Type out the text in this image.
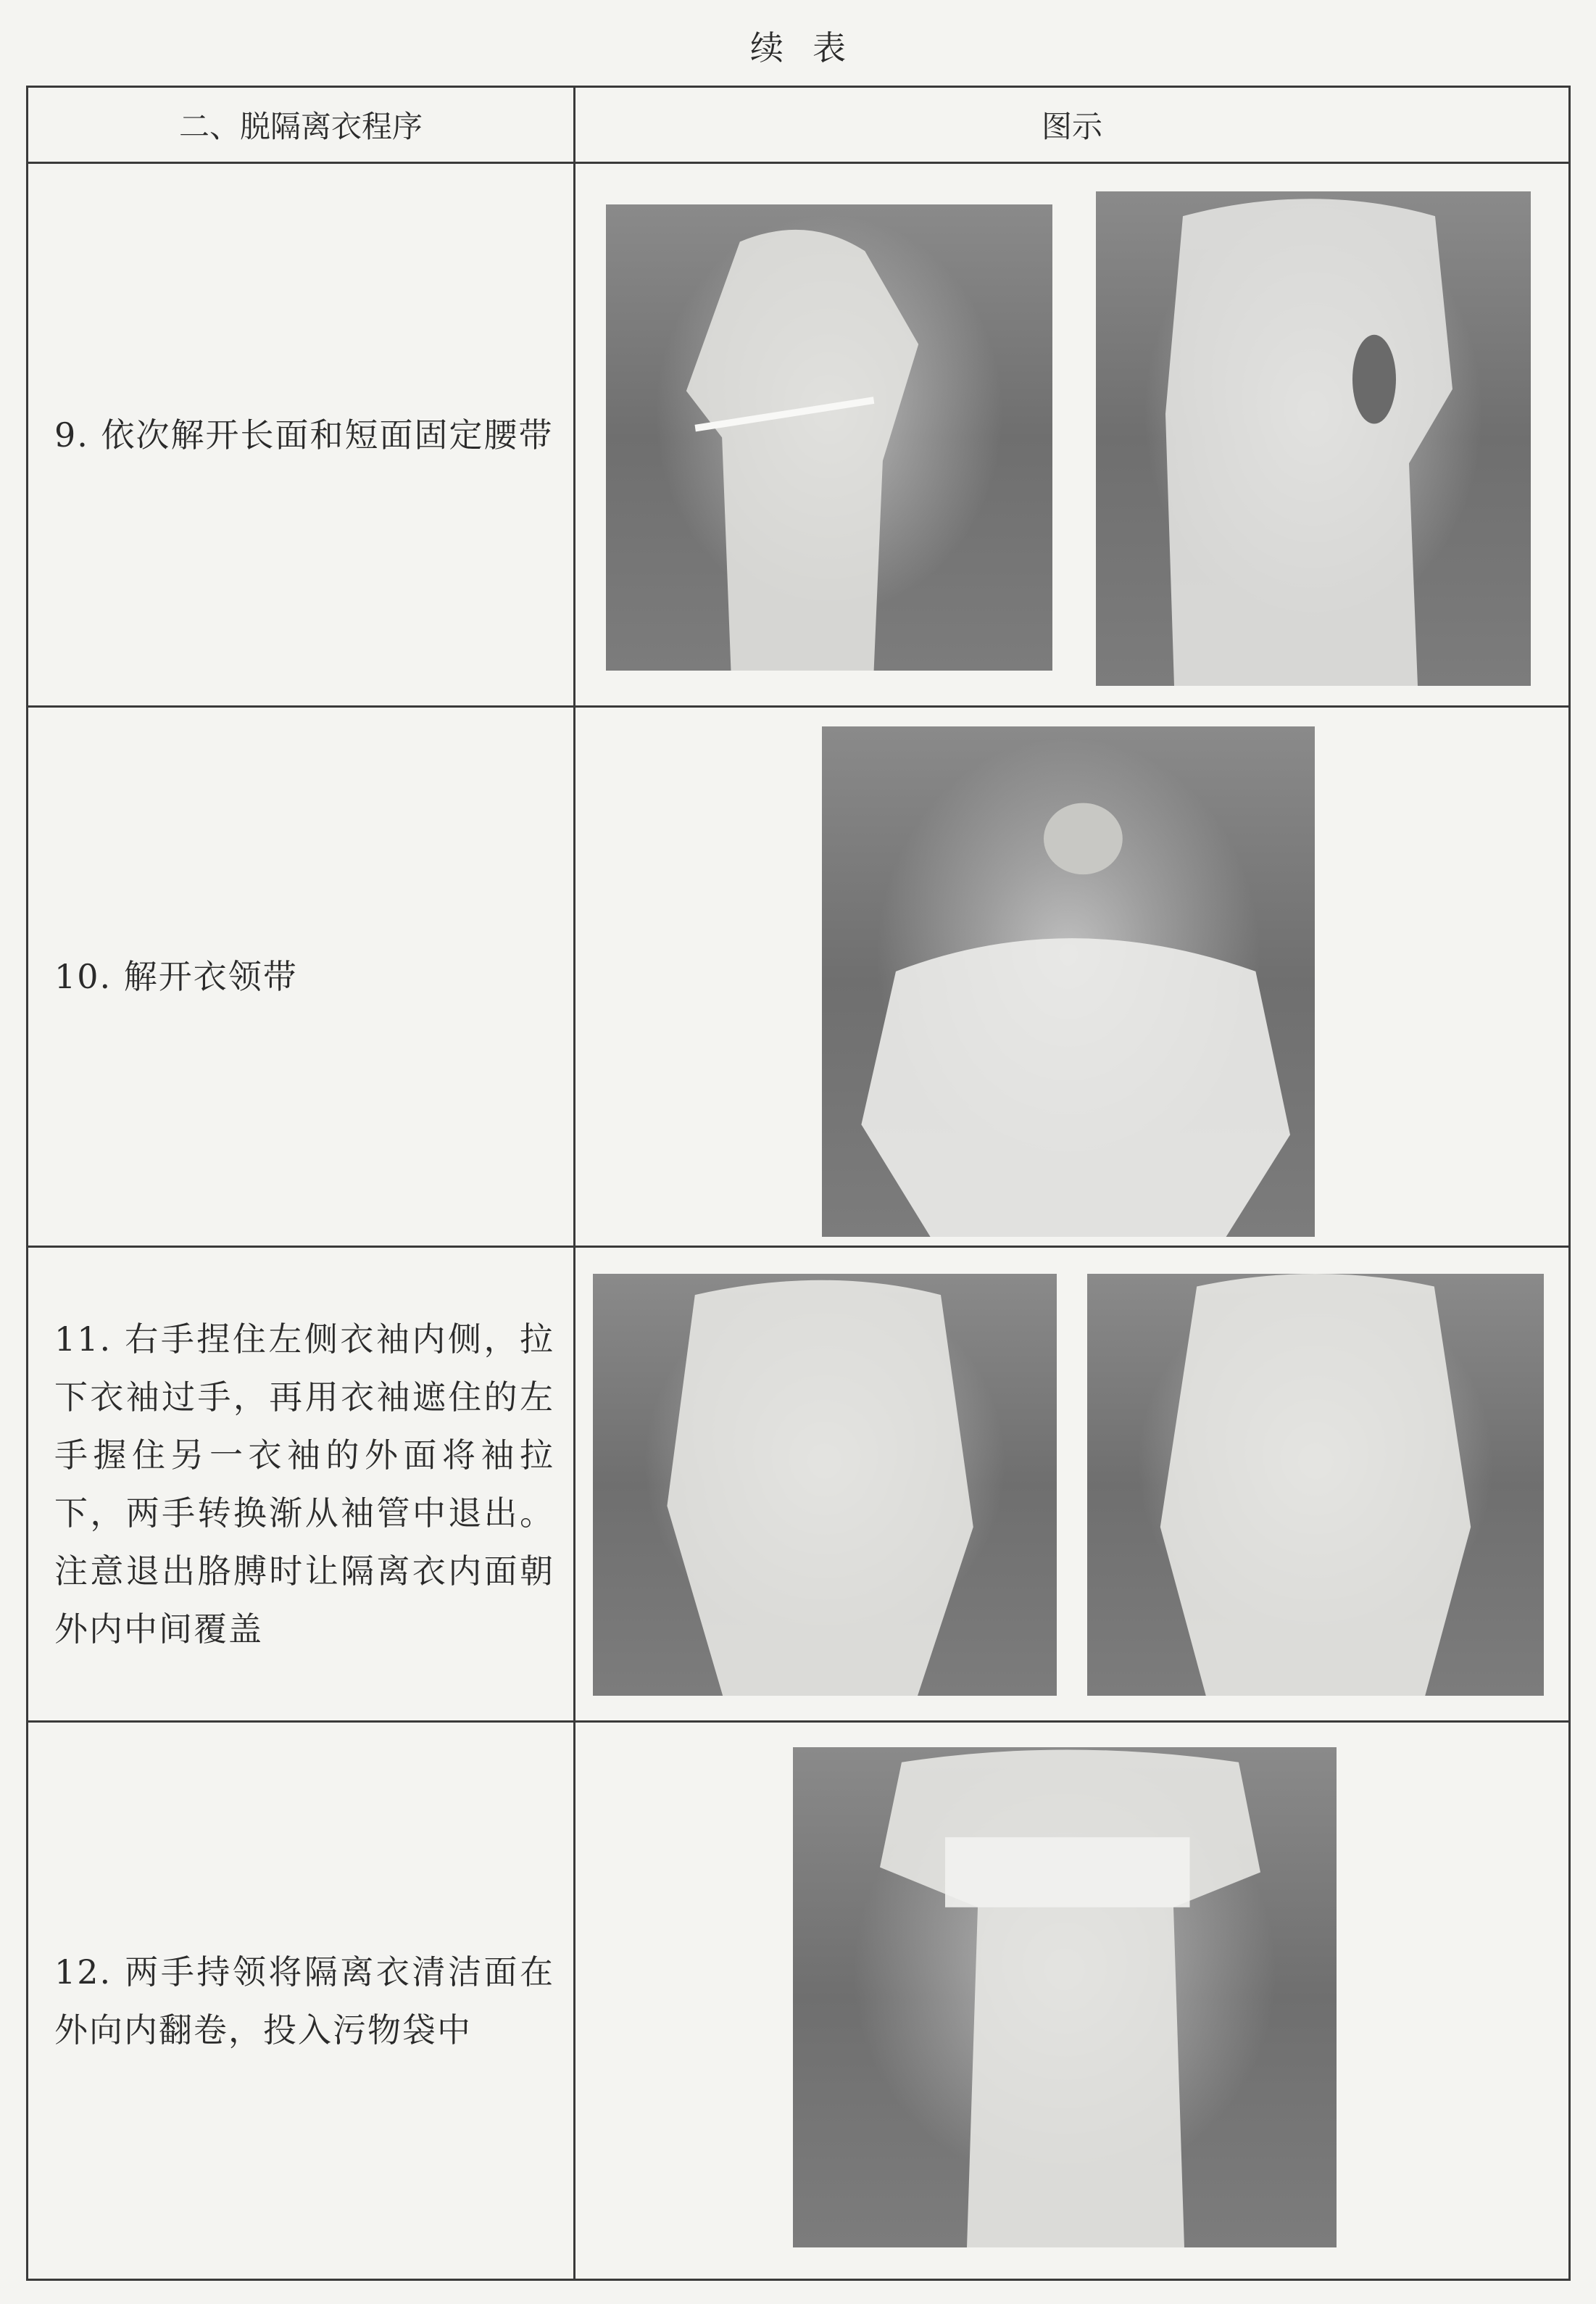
续表
二、脱隔离衣程序	图示
9. 依次解开长面和短面固定腰带	

10. 解开衣领带	

11. 右手捏住左侧衣袖内侧，拉下衣袖过手，再用衣袖遮住的左手握住另一衣袖的外面将袖拉下，两手转换渐从袖管中退出。注意退出胳膊时让隔离衣内面朝外内中间覆盖	

12. 两手持领将隔离衣清洁面在外向内翻卷，投入污物袋中	
